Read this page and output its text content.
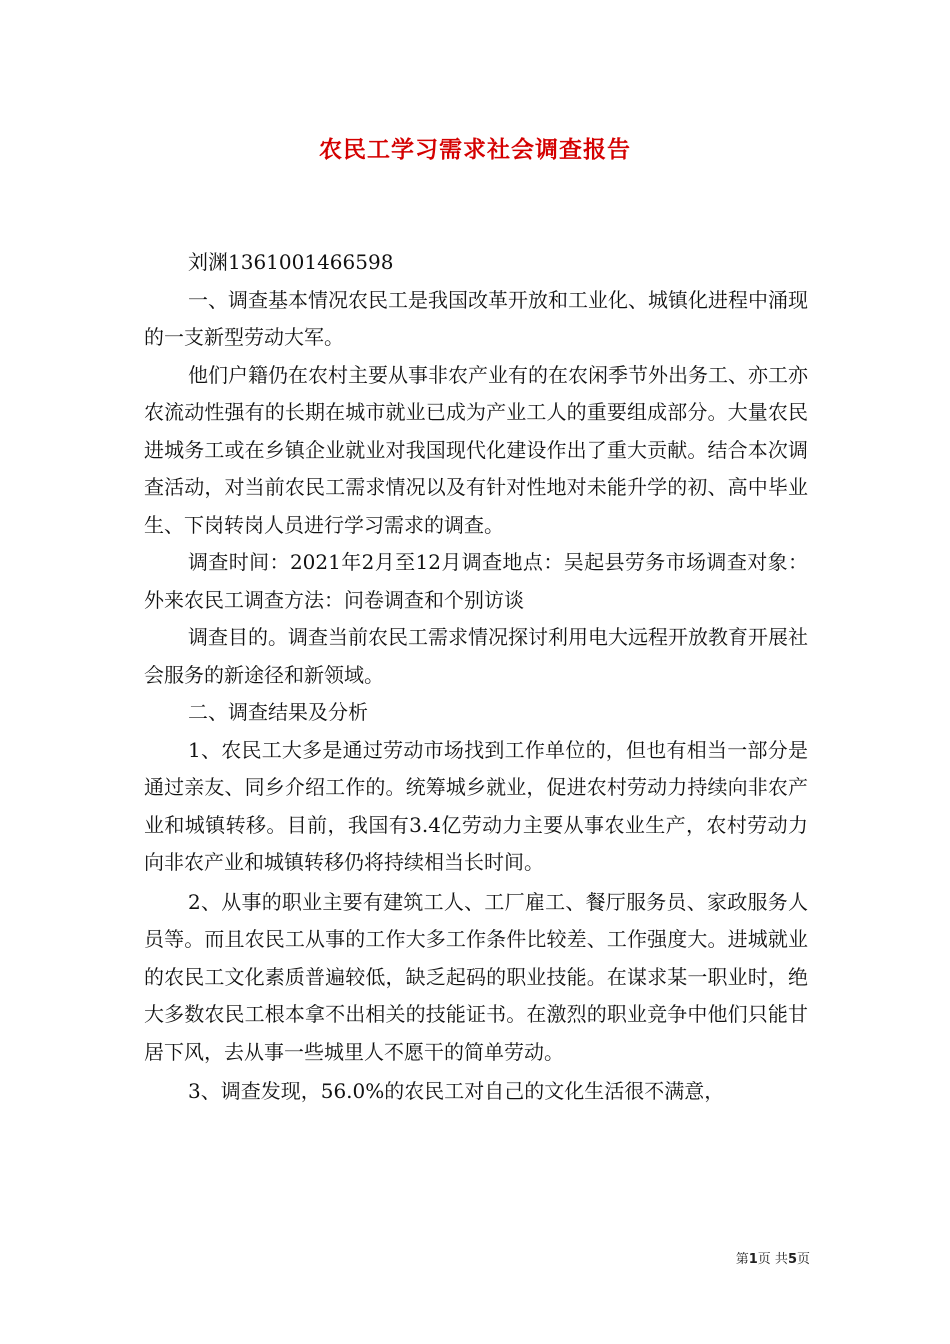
农民工学习需求社会调查报告

刘渊1361001466598

一、调查基本情况农民工是我国改革开放和工业化、城镇化进程中涌现的一支新型劳动大军。

他们户籍仍在农村主要从事非农产业有的在农闲季节外出务工、亦工亦农流动性强有的长期在城市就业已成为产业工人的重要组成部分。大量农民进城务工或在乡镇企业就业对我国现代化建设作出了重大贡献。结合本次调查活动，对当前农民工需求情况以及有针对性地对未能升学的初、高中毕业生、下岗转岗人员进行学习需求的调查。

调查时间：2021年2月至12月调查地点：吴起县劳务市场调查对象：外来农民工调查方法：问卷调查和个别访谈

调查目的。调查当前农民工需求情况探讨利用电大远程开放教育开展社会服务的新途径和新领域。

二、调查结果及分析

1、农民工大多是通过劳动市场找到工作单位的，但也有相当一部分是通过亲友、同乡介绍工作的。统筹城乡就业，促进农村劳动力持续向非农产业和城镇转移。目前，我国有3.4亿劳动力主要从事农业生产，农村劳动力向非农产业和城镇转移仍将持续相当长时间。

2、从事的职业主要有建筑工人、工厂雇工、餐厅服务员、家政服务人员等。而且农民工从事的工作大多工作条件比较差、工作强度大。进城就业的农民工文化素质普遍较低，缺乏起码的职业技能。在谋求某一职业时，绝大多数农民工根本拿不出相关的技能证书。在激烈的职业竞争中他们只能甘居下风，去从事一些城里人不愿干的简单劳动。

3、调查发现，56.0%的农民工对自己的文化生活很不满意，

第1页 共5页
